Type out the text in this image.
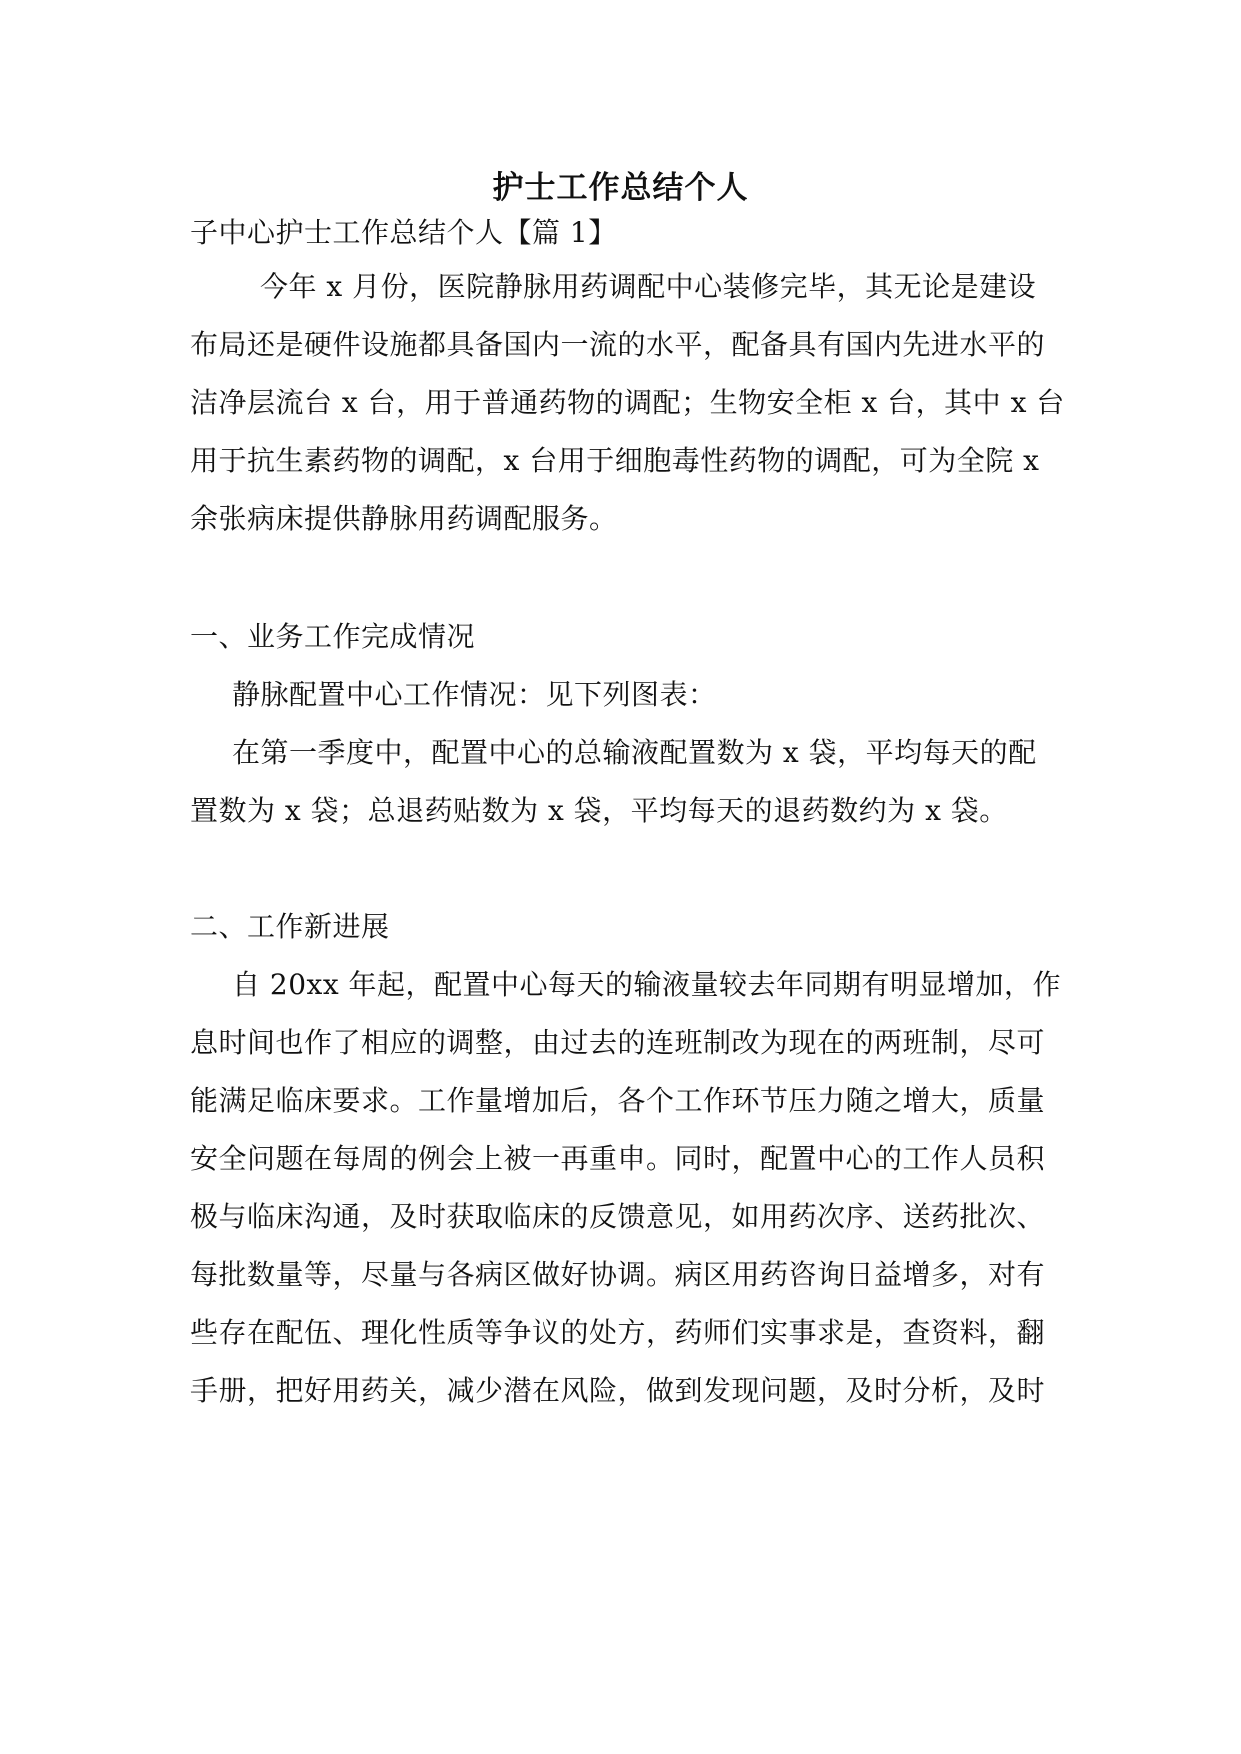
护士工作总结个人
子中心护士工作总结个人【篇 1】
今年 x 月份，医院静脉用药调配中心装修完毕，其无论是建设
布局还是硬件设施都具备国内一流的水平，配备具有国内先进水平的
洁净层流台 x 台，用于普通药物的调配；生物安全柜 x 台，其中 x 台
用于抗生素药物的调配，x 台用于细胞毒性药物的调配，可为全院 x
余张病床提供静脉用药调配服务。
一、业务工作完成情况
静脉配置中心工作情况：见下列图表：
在第一季度中，配置中心的总输液配置数为 x 袋，平均每天的配
置数为 x 袋；总退药贴数为 x 袋，平均每天的退药数约为 x 袋。
二、工作新进展
自 20xx 年起，配置中心每天的输液量较去年同期有明显增加，作
息时间也作了相应的调整，由过去的连班制改为现在的两班制，尽可
能满足临床要求。工作量增加后，各个工作环节压力随之增大，质量
安全问题在每周的例会上被一再重申。同时，配置中心的工作人员积
极与临床沟通，及时获取临床的反馈意见，如用药次序、送药批次、
每批数量等，尽量与各病区做好协调。病区用药咨询日益增多，对有
些存在配伍、理化性质等争议的处方，药师们实事求是，查资料，翻
手册，把好用药关，减少潜在风险，做到发现问题，及时分析，及时
